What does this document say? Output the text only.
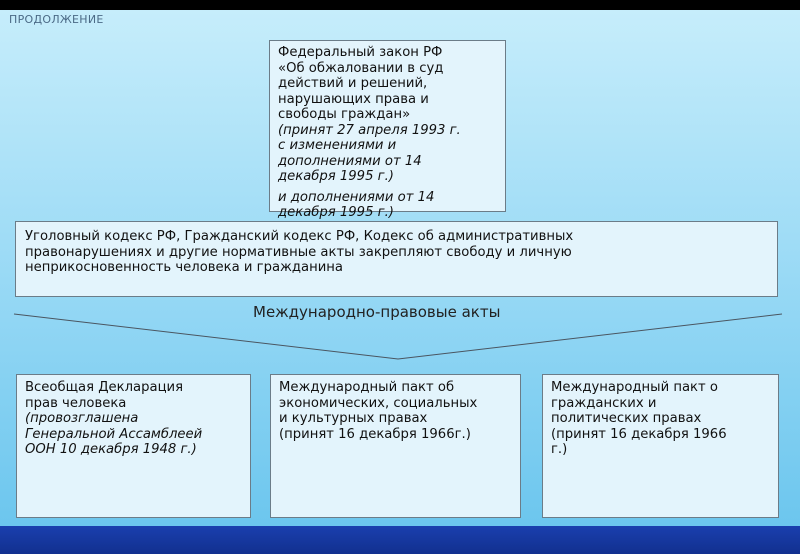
ПРОДОЛЖЕНИЕ
Федеральный закон РФ
«Об обжаловании в суд
действий и решений,
нарушающих права и
свободы граждан»
(принят 27 апреля 1993 г.
с изменениями и
дополнениями от 14
декабря 1995 г.)
и дополнениями от 14
декабря 1995 г.)
Уголовный кодекс РФ, Гражданский кодекс РФ, Кодекс об административных
правонарушениях и другие нормативные акты закрепляют свободу и личную
неприкосновенность человека и гражданина
Международно-правовые акты
Всеобщая Декларация
прав человека
(провозглашена
Генеральной Ассамблеей
ООН 10 декабря 1948 г.)
Международный пакт об
экономических, социальных
и культурных правах
(принят 16 декабря 1966г.)
Международный пакт о
гражданских и
политических правах
(принят 16 декабря 1966
г.)
